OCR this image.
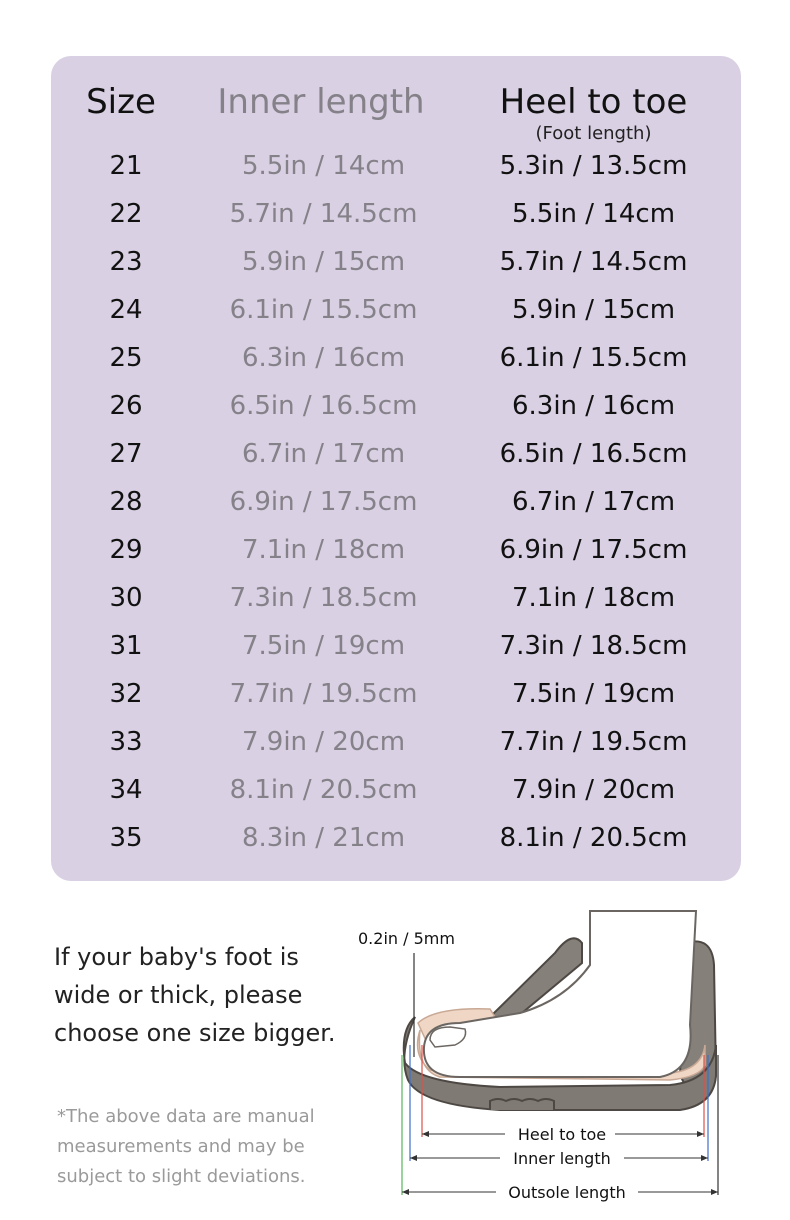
Size	Inner length	Heel to toe
(Foot length)
21	5.5in / 14cm	5.3in / 13.5cm
22	5.7in / 14.5cm	5.5in / 14cm
23	5.9in / 15cm	5.7in / 14.5cm
24	6.1in / 15.5cm	5.9in / 15cm
25	6.3in / 16cm	6.1in / 15.5cm
26	6.5in / 16.5cm	6.3in / 16cm
27	6.7in / 17cm	6.5in / 16.5cm
28	6.9in / 17.5cm	6.7in / 17cm
29	7.1in / 18cm	6.9in / 17.5cm
30	7.3in / 18.5cm	7.1in / 18cm
31	7.5in / 19cm	7.3in / 18.5cm
32	7.7in / 19.5cm	7.5in / 19cm
33	7.9in / 20cm	7.7in / 19.5cm
34	8.1in / 20.5cm	7.9in / 20cm
35	8.3in / 21cm	8.1in / 20.5cm

If your baby's foot is
wide or thick, please
choose one size bigger.

*The above data are manual
measurements and may be
subject to slight deviations.

Heel to toe
Inner length
Outsole length
0.2in / 5mm
